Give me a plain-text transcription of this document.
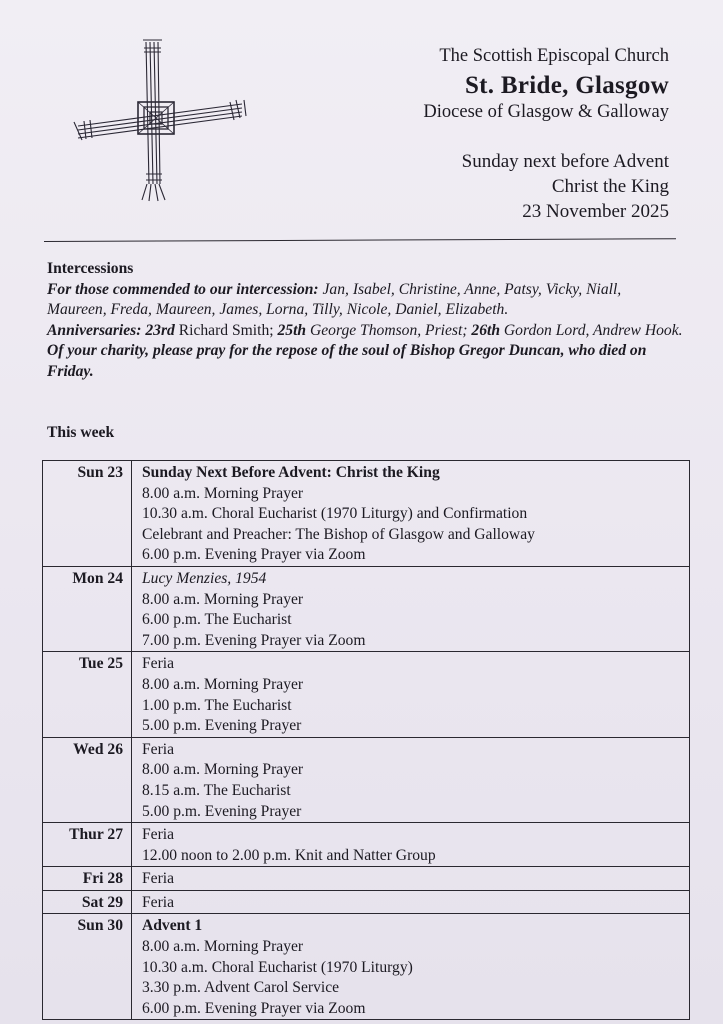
The Scottish Episcopal Church
St. Bride, Glasgow
Diocese of Glasgow & Galloway
Sunday next before Advent
Christ the King
23 November 2025
Intercessions

For those commended to our intercession: Jan, Isabel, Christine, Anne, Patsy, Vicky, Niall, Maureen, Freda, Maureen, James, Lorna, Tilly, Nicole, Daniel, Elizabeth.

Anniversaries: 23rd Richard Smith; 25th George Thomson, Priest; 26th Gordon Lord, Andrew Hook.

Of your charity, please pray for the repose of the soul of Bishop Gregor Duncan, who died on Friday.

This week
Sun 23	Sunday Next Before Advent: Christ the King
8.00 a.m. Morning Prayer
10.30 a.m. Choral Eucharist (1970 Liturgy) and Confirmation
Celebrant and Preacher: The Bishop of Glasgow and Galloway
6.00 p.m. Evening Prayer via Zoom

Mon 24	Lucy Menzies, 1954
8.00 a.m. Morning Prayer
6.00 p.m. The Eucharist
7.00 p.m. Evening Prayer via Zoom

Tue 25	Feria
8.00 a.m. Morning Prayer
1.00 p.m. The Eucharist
5.00 p.m. Evening Prayer

Wed 26	Feria
8.00 a.m. Morning Prayer
8.15 a.m. The Eucharist
5.00 p.m. Evening Prayer

Thur 27	Feria
12.00 noon to 2.00 p.m. Knit and Natter Group

Fri 28	Feria

Sat 29	Feria

Sun 30	Advent 1
8.00 a.m. Morning Prayer
10.30 a.m. Choral Eucharist (1970 Liturgy)
3.30 p.m. Advent Carol Service
6.00 p.m. Evening Prayer via Zoom
